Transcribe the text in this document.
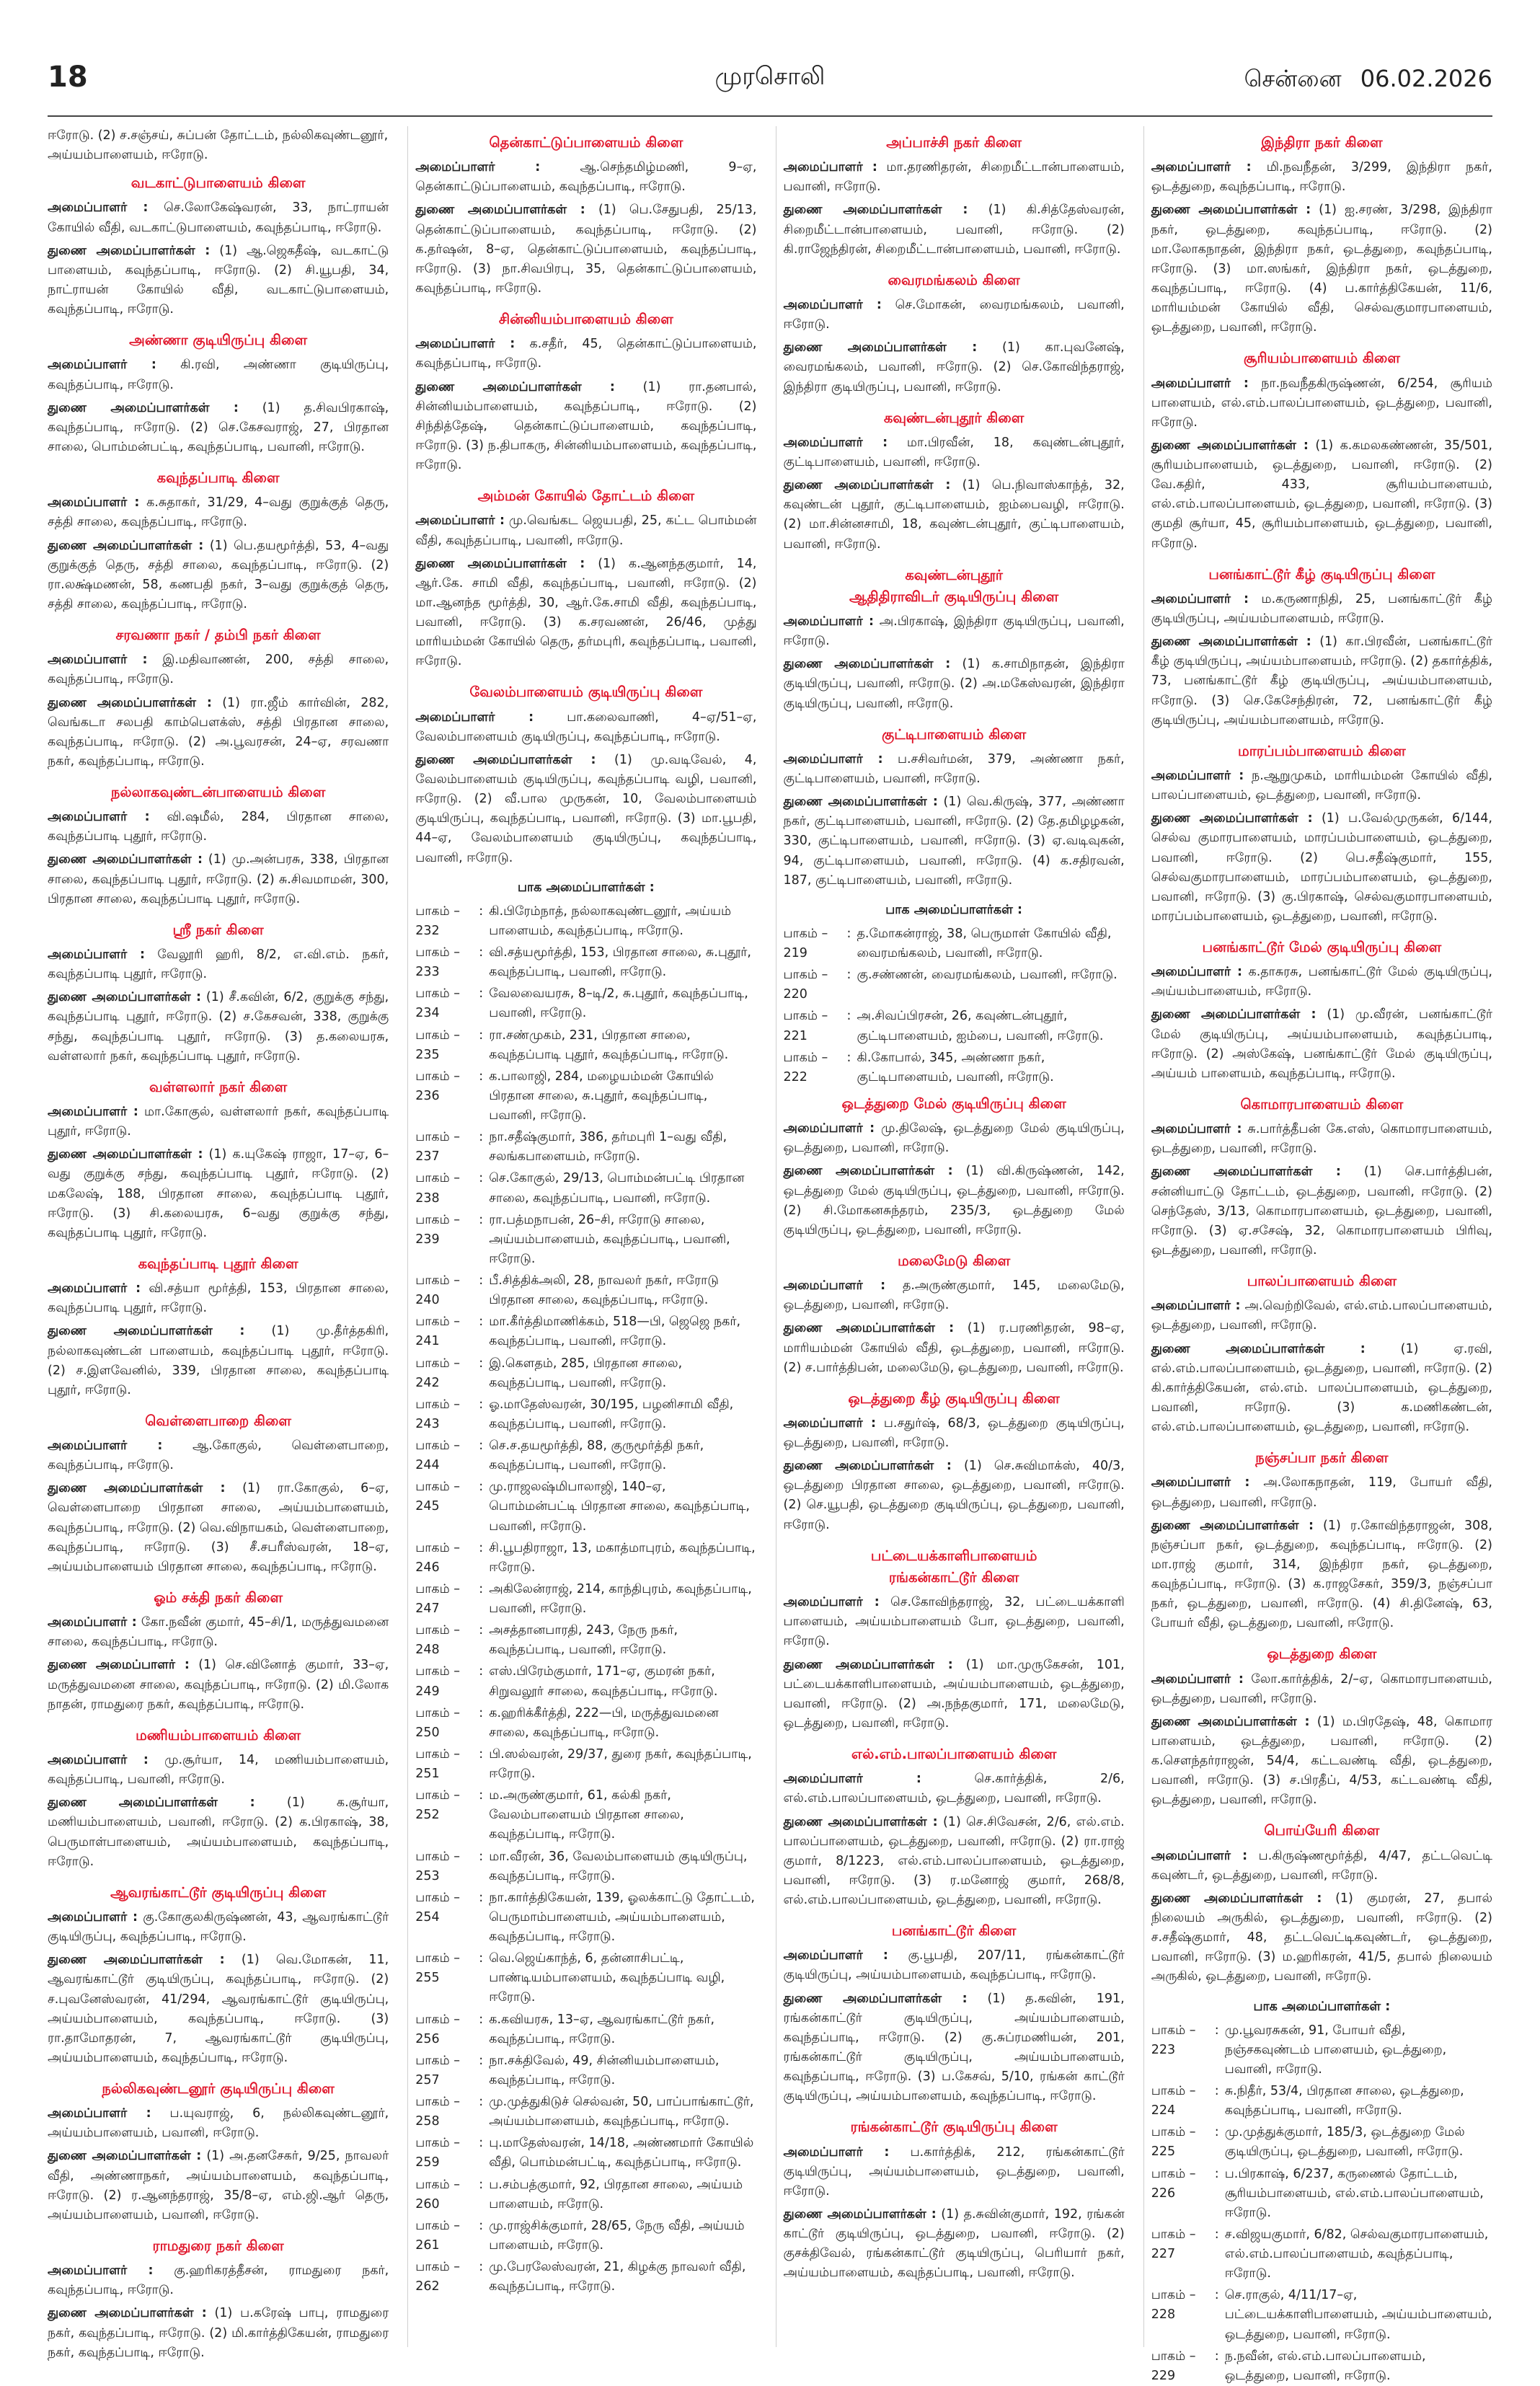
18	முரசொலி	சென்னை 06.02.2026

ஈரோடு. (2) ச.சஞ்சய், சுப்பன் தோட்டம், நல்லிகவுண்டனூர், அய்யம்பாளையம், ஈரோடு.

வடகாட்டுபாளையம் கிளை

அமைப்பாளர் : செ.லோகேஷ்வரன், 33, நாட்ராயன் கோயில் வீதி, வடகாட்டுபாளையம், கவுந்தப்பாடி, ஈரோடு.

துணை அமைப்பாளர்கள் : (1) ஆ.ஜெகதீஷ், வடகாட்டு பாளையம், கவுந்தப்பாடி, ஈரோடு. (2) சி.யூபதி, 34, நாட்ராயன் கோயில் வீதி, வடகாட்டுபாளையம், கவுந்தப்பாடி, ஈரோடு.

அண்ணா குடியிருப்பு கிளை

அமைப்பாளர் : கி.ரவி, அண்ணா குடியிருப்பு, கவுந்தப்பாடி, ஈரோடு.

துணை அமைப்பாளர்கள் : (1) த.சிவபிரகாஷ், கவுந்தப்பாடி, ஈரோடு. (2) செ.கேசவராஜ், 27, பிரதான சாலை, பொம்மன்பட்டி, கவுந்தப்பாடி, பவானி, ஈரோடு.

கவுந்தப்பாடி கிளை

அமைப்பாளர் : க.சுதாகர், 31/29, 4–வது குறுக்குத் தெரு, சத்தி சாலை, கவுந்தப்பாடி, ஈரோடு.

துணை அமைப்பாளர்கள் : (1) பெ.தயமூர்த்தி, 53, 4–வது குறுக்குத் தெரு, சத்தி சாலை, கவுந்தப்பாடி, ஈரோடு. (2) ரா.லக்ஷ்மணன், 58, கணபதி நகர், 3–வது குறுக்குத் தெரு, சத்தி சாலை, கவுந்தப்பாடி, ஈரோடு.

சரவணா நகர் / தம்பி நகர் கிளை

அமைப்பாளர் : இ.மதிவாணன், 200, சத்தி சாலை, கவுந்தப்பாடி, ஈரோடு.

துணை அமைப்பாளர்கள் : (1) ரா.ஜீம் கார்வின், 282, வெங்கடா சலபதி காம்பெளக்ஸ், சத்தி பிரதான சாலை, கவுந்தப்பாடி, ஈரோடு. (2) அ.பூவரசன், 24–ஏ, சரவணா நகர், கவுந்தப்பாடி, ஈரோடு.

நல்லாகவுண்டன்பாளையம் கிளை

அமைப்பாளர் : வி.ஷமீல், 284, பிரதான சாலை, கவுந்தப்பாடி புதூர், ஈரோடு.

துணை அமைப்பாளர்கள் : (1) மு.அன்பரசு, 338, பிரதான சாலை, கவுந்தப்பாடி புதூர், ஈரோடு. (2) சு.சிவமாமன், 300, பிரதான சாலை, கவுந்தப்பாடி புதூர், ஈரோடு.

ஸ்ரீ நகர் கிளை

அமைப்பாளர் : வேலூரி ஹரி, 8/2, எ.வி.எம். நகர், கவுந்தப்பாடி புதூர், ஈரோடு.

துணை அமைப்பாளர்கள் : (1) சீ.கவின், 6/2, குறுக்கு சந்து, கவுந்தப்பாடி புதூர், ஈரோடு. (2) ச.கேசவன், 338, குறுக்கு சந்து, கவுந்தப்பாடி புதூர், ஈரோடு. (3) த.கலையரசு, வள்ளலார் நகர், கவுந்தப்பாடி புதூர், ஈரோடு.

வள்ளலார் நகர் கிளை

அமைப்பாளர் : மா.கோகுல், வள்ளலார் நகர், கவுந்தப்பாடி புதூர், ஈரோடு.

துணை அமைப்பாளர்கள் : (1) க.யுகேஷ் ராஜா, 17–ஏ, 6–வது குறுக்கு சந்து, கவுந்தப்பாடி புதூர், ஈரோடு. (2) மகலேஷ், 188, பிரதான சாலை, கவுந்தப்பாடி புதூர், ஈரோடு. (3) சி.கலையரசு, 6–வது குறுக்கு சந்து, கவுந்தப்பாடி புதூர், ஈரோடு.

கவுந்தப்பாடி புதூர் கிளை

அமைப்பாளர் : வி.சத்யா மூர்த்தி, 153, பிரதான சாலை, கவுந்தப்பாடி புதூர், ஈரோடு.

துணை அமைப்பாளர்கள் : (1) மு.தீர்த்தகிரி, நல்லாகவுண்டன் பாளையம், கவுந்தப்பாடி புதூர், ஈரோடு. (2) ச.இளவேனில், 339, பிரதான சாலை, கவுந்தப்பாடி புதூர், ஈரோடு.

வெள்ளைபாறை கிளை

அமைப்பாளர் : ஆ.கோகுல், வெள்ளைபாறை, கவுந்தப்பாடி, ஈரோடு.

துணை அமைப்பாளர்கள் : (1) ரா.கோகுல், 6–ஏ, வெள்ளைபாறை பிரதான சாலை, அய்யம்பாளையம், கவுந்தப்பாடி, ஈரோடு. (2) வெ.விநாயகம், வெள்ளைபாறை, கவுந்தப்பாடி, ஈரோடு. (3) சீ.சபரீஸ்வரன், 18–ஏ, அய்யம்பாளையம் பிரதான சாலை, கவுந்தப்பாடி, ஈரோடு.

ஓம் சக்தி நகர் கிளை

அமைப்பாளர் : கோ.நவீன் குமார், 45–சி/1, மருத்துவமனை சாலை, கவுந்தப்பாடி, ஈரோடு.

துணை அமைப்பாளர் : (1) செ.வினோத் குமார், 33–ஏ, மருத்துவமனை சாலை, கவுந்தப்பாடி, ஈரோடு. (2) மி.லோக நாதன், ராமதுரை நகர், கவுந்தப்பாடி, ஈரோடு.

மணியம்பாளையம் கிளை

அமைப்பாளர் : மு.சூர்யா, 14, மணியம்பாளையம், கவுந்தப்பாடி, பவானி, ஈரோடு.

துணை அமைப்பாளர்கள் :	(1) க.சூர்யா, மணியம்பாளையம், பவானி, ஈரோடு. (2) க.பிரகாஷ், 38, பெருமாள்பாளையம், அய்யம்பாளையம், கவுந்தப்பாடி, ஈரோடு.

ஆவரங்காட்டூர் குடியிருப்பு கிளை

அமைப்பாளர் : கு.கோகுலகிருஷ்ணன், 43, ஆவரங்காட்டூர் குடியிருப்பு, கவுந்தப்பாடி, ஈரோடு.

துணை அமைப்பாளர்கள் : (1) வெ.மோகன், 11, ஆவரங்காட்டூர் குடியிருப்பு, கவுந்தப்பாடி, ஈரோடு. (2) ச.புவனேஸ்வரன், 41/294, ஆவரங்காட்டூர் குடியிருப்பு, அய்யம்பாளையம், கவுந்தப்பாடி, ஈரோடு. (3) ரா.தாமோதரன், 7, ஆவரங்காட்டூர் குடியிருப்பு, அய்யம்பாளையம், கவுந்தப்பாடி, ஈரோடு.

நல்லிகவுண்டனூர் குடியிருப்பு கிளை

அமைப்பாளர் : ப.யுவராஜ், 6, நல்லிகவுண்டனூர், அய்யம்பாளையம், பவானி, ஈரோடு.

துணை அமைப்பாளர்கள் : (1) அ.தனசேகர், 9/25, நாவலர் வீதி, அண்ணாநகர், அய்யம்பாளையம், கவுந்தப்பாடி, ஈரோடு. (2) ர.ஆனந்தராஜ், 35/8–ஏ, எம்.ஜி.ஆர் தெரு, அய்யம்பாளையம், பவானி, ஈரோடு.

ராமதுரை நகர் கிளை

அமைப்பாளர் : கு.ஹரிகரத்தீசன், ராமதுரை நகர், கவுந்தப்பாடி, ஈரோடு.

துணை அமைப்பாளர்கள் : (1) ப.கரேஷ் பாபு, ராமதுரை நகர், கவுந்தப்பாடி, ஈரோடு. (2) மி.கார்த்திகேயன், ராமதுரை நகர், கவுந்தப்பாடி, ஈரோடு.

தென்காட்டுப்பாளையம் கிளை

அமைப்பாளர் :	ஆ.செந்தமிழ்மணி, 9–ஏ, தென்காட்டுப்பாளையம், கவுந்தப்பாடி, ஈரோடு.

துணை அமைப்பாளர்கள் : (1) பெ.சேதுபதி, 25/13, தென்காட்டுப்பாளையம், கவுந்தப்பாடி, ஈரோடு. (2) க.தர்ஷன், 8–ஏ, தென்காட்டுப்பாளையம், கவுந்தப்பாடி, ஈரோடு. (3) நா.சிவபிரபு, 35, தென்காட்டுப்பாளையம், கவுந்தப்பாடி, ஈரோடு.

சின்னியம்பாளையம் கிளை

அமைப்பாளர் : க.சதீர், 45, தென்காட்டுப்பாளையம், கவுந்தப்பாடி, ஈரோடு.

துணை அமைப்பாளர்கள் : (1) ரா.தனபால், சின்னியம்பாளையம், கவுந்தப்பாடி, ஈரோடு. (2) சிந்தித்தேஷ், தென்காட்டுப்பாளையம், கவுந்தப்பாடி, ஈரோடு. (3) ந.திபாகரு, சின்னியம்பாளையம், கவுந்தப்பாடி, ஈரோடு.

அம்மன் கோயில் தோட்டம் கிளை

அமைப்பாளர் : மு.வெங்கட ஜெயபதி, 25, கட்ட பொம்மன் வீதி, கவுந்தப்பாடி, பவானி, ஈரோடு.

துணை அமைப்பாளர்கள் : (1) க.ஆனந்தகுமார், 14, ஆர்.கே. சாமி வீதி, கவுந்தப்பாடி, பவானி, ஈரோடு. (2) மா.ஆனந்த மூர்த்தி, 30, ஆர்.கே.சாமி வீதி, கவுந்தப்பாடி, பவானி, ஈரோடு. (3) க.சரவணன், 26/46, முத்து மாரியம்மன் கோயில் தெரு, தர்மபுரி, கவுந்தப்பாடி, பவானி, ஈரோடு.

வேலம்பாளையம் குடியிருப்பு கிளை

அமைப்பாளர் :	பா.கலைவாணி, 4–ஏ/51–ஏ, வேலம்பாளையம் குடியிருப்பு, கவுந்தப்பாடி, ஈரோடு.

துணை அமைப்பாளர்கள் : (1) மு.வடிவேல், 4, வேலம்பாளையம் குடியிருப்பு, கவுந்தப்பாடி வழி, பவானி, ஈரோடு. (2) வீ.பால முருகன், 10, வேலம்பாளையம் குடியிருப்பு, கவுந்தப்பாடி, பவானி, ஈரோடு. (3) மா.பூபதி, 44–ஏ, வேலம்பாளையம் குடியிருப்பு, கவுந்தப்பாடி, பவானி, ஈரோடு.

பாக அமைப்பாளர்கள் :
பாகம் – 232
: கி.பிரேம்நாத், நல்லாகவுண்டனூர், அய்யம் பாளையம், கவுந்தப்பாடி, ஈரோடு.
பாகம் – 233
: வி.சத்யமூர்த்தி, 153, பிரதான சாலை, சு.புதூர், கவுந்தப்பாடி, பவானி, ஈரோடு.
பாகம் – 234
: வேலவையரசு, 8–டி/2, சு.புதூர், கவுந்தப்பாடி, பவானி, ஈரோடு.
பாகம் – 235
: ரா.சண்முகம், 231, பிரதான சாலை, கவுந்தப்பாடி புதூர், கவுந்தப்பாடி, ஈரோடு.
பாகம் – 236
: க.பாலாஜி, 284, மழையம்மன் கோயில் பிரதான சாலை, சு.புதூர், கவுந்தப்பாடி, பவானி, ஈரோடு.
பாகம் – 237
: நா.சதீஷ்குமார், 386, தர்மபுரி 1–வது வீதி, சலங்கபாளையம், ஈரோடு.
பாகம் – 238
: செ.கோகுல், 29/13, பொம்மன்பட்டி பிரதான சாலை, கவுந்தப்பாடி, பவானி, ஈரோடு.
பாகம் – 239
: ரா.பத்மநாபன், 26–சி, ஈரோடு சாலை, அய்யம்பாளையம், கவுந்தப்பாடி, பவானி, ஈரோடு.
பாகம் – 240
: பீ.சித்திக்அலி, 28, நாவலர் நகர், ஈரோடு பிரதான சாலை, கவுந்தப்பாடி, ஈரோடு.
பாகம் – 241
: மா.கீர்த்திமாணிக்கம், 518—பி, ஜெஜெ நகர், கவுந்தப்பாடி, பவானி, ஈரோடு.
பாகம் – 242
: இ.கௌதம், 285, பிரதான சாலை, கவுந்தப்பாடி, பவானி, ஈரோடு.
பாகம் – 243
: ஓ.மாதேஸ்வரன், 30/195, பழனிசாமி வீதி, கவுந்தப்பாடி, பவானி, ஈரோடு.
பாகம் – 244
: செ.ச.தயமூர்த்தி, 88, குருமூர்த்தி நகர், கவுந்தப்பாடி, பவானி, ஈரோடு.
பாகம் – 245
: மு.ராஜலஷ்மிபாலாஜி, 140–ஏ, பொம்மன்பட்டி பிரதான சாலை, கவுந்தப்பாடி, பவானி, ஈரோடு.
பாகம் – 246
: சி.பூபதிராஜா, 13, மகாத்மாபுரம், கவுந்தப்பாடி, ஈரோடு.
பாகம் – 247
: அகிலேன்ராஜ், 214, காந்திபுரம், கவுந்தப்பாடி, பவானி, ஈரோடு.
பாகம் – 248
: அசத்தானபாரதி, 243, நேரு நகர், கவுந்தப்பாடி, பவானி, ஈரோடு.
பாகம் – 249
: எஸ்.பிரேம்குமார், 171–ஏ, குமரன் நகர், சிறுவலூர் சாலை, கவுந்தப்பாடி, ஈரோடு.
பாகம் – 250
: க.ஹரிக்கீர்த்தி, 222—பி, மருத்துவமனை சாலை, கவுந்தப்பாடி, ஈரோடு.
பாகம் – 251
: பி.ஸல்வரன், 29/37, துரை நகர், கவுந்தப்பாடி, ஈரோடு.
பாகம் – 252
: ம.அருண்குமார், 61, கல்கி நகர், வேலம்பாளையம் பிரதான சாலை, கவுந்தப்பாடி, ஈரோடு.
பாகம் – 253
: மா.வீரன், 36, வேலம்பாளையம் குடியிருப்பு, கவுந்தப்பாடி, ஈரோடு.
பாகம் – 254
: நா.கார்த்திகேயன், 139, ஓலக்காட்டு தோட்டம், பெருமாம்பாளையம், அய்யம்பாளையம், கவுந்தப்பாடி, ஈரோடு.
பாகம் – 255
: வெ.ஜெய்காந்த், 6, தன்னாசிபட்டி, பாண்டியம்பாளையம், கவுந்தப்பாடி வழி, ஈரோடு.
பாகம் – 256
: க.கவியரசு, 13–ஏ, ஆவரங்காட்டூர் நகர், கவுந்தப்பாடி, ஈரோடு.
பாகம் – 257
: நா.சக்திவேல், 49, சின்னியம்பாளையம், கவுந்தப்பாடி, ஈரோடு.
பாகம் – 258
: மு.முத்துகிடுச் செல்வன், 50, பாப்பாங்காட்டூர், அய்யம்பாளையம், கவுந்தப்பாடி, ஈரோடு.
பாகம் – 259
: பு.மாதேஸ்வரன், 14/18, அண்ணமார் கோயில் வீதி, பொம்மன்பட்டி, கவுந்தப்பாடி, ஈரோடு.
பாகம் – 260
: ப.சம்பத்குமார், 92, பிரதான சாலை, அய்யம் பாளையம், ஈரோடு.
பாகம் – 261
: மு.ராஜ்சிக்குமார், 28/65, நேரு வீதி, அய்யம் பாளையம், ஈரோடு.
பாகம் – 262
: மு.பேரலேஸ்வரன், 21, கிழக்கு நாவலர் வீதி, கவுந்தப்பாடி, ஈரோடு.
அப்பாச்சி நகர் கிளை

அமைப்பாளர் : மா.தரணிதரன், சிறைமீட்டான்பாளையம், பவானி, ஈரோடு.

துணை அமைப்பாளர்கள் : (1) கி.சித்தேஸ்வரன், சிறைமீட்டான்பாளையம், பவானி, ஈரோடு. (2) கி.ராஜேந்திரன், சிறைமீட்டான்பாளையம், பவானி, ஈரோடு.

வைரமங்கலம் கிளை

அமைப்பாளர் : செ.மோகன், வைரமங்கலம், பவானி, ஈரோடு.

துணை அமைப்பாளர்கள் : (1) கா.புவனேஷ், வைரமங்கலம், பவானி, ஈரோடு. (2) செ.கோவிந்தராஜ், இந்திரா குடியிருப்பு, பவானி, ஈரோடு.

கவுண்டன்புதூர் கிளை

அமைப்பாளர் : மா.பிரவீன், 18, கவுண்டன்புதூர், குட்டிபாளையம், பவானி, ஈரோடு.

துணை அமைப்பாளர்கள் : (1) பெ.நிவாஸ்காந்த், 32, கவுண்டன் புதூர், குட்டிபாளையம், ஐம்பைவழி, ஈரோடு. (2) மா.சின்னசாமி, 18, கவுண்டன்புதூர், குட்டிபாளையம், பவானி, ஈரோடு.

கவுண்டன்புதூர்
ஆதிதிராவிடர் குடியிருப்பு கிளை

அமைப்பாளர் : அ.பிரகாஷ், இந்திரா குடியிருப்பு, பவானி, ஈரோடு.

துணை அமைப்பாளர்கள் : (1) க.சாமிநாதன், இந்திரா குடியிருப்பு, பவானி, ஈரோடு. (2) அ.மகேஸ்வரன், இந்திரா குடியிருப்பு, பவானி, ஈரோடு.

குட்டிபாளையம் கிளை

அமைப்பாளர் : ப.சசிவர்மன், 379, அண்ணா நகர், குட்டிபாளையம், பவானி, ஈரோடு.

துணை அமைப்பாளர்கள் : (1) வெ.கிருஷ், 377, அண்ணா நகர், குட்டிபாளையம், பவானி, ஈரோடு. (2) தே.தமிழழகன், 330, குட்டிபாளையம், பவானி, ஈரோடு. (3) ஏ.வடிவுகன், 94, குட்டிபாளையம், பவானி, ஈரோடு. (4) க.சதிரவன், 187, குட்டிபாளையம், பவானி, ஈரோடு.

பாக அமைப்பாளர்கள் :
பாகம் – 219
: த.மோகன்ராஜ், 38, பெருமாள் கோயில் வீதி, வைரமங்கலம், பவானி, ஈரோடு.
பாகம் – 220
: கு.சண்ணன், வைரமங்கலம், பவானி, ஈரோடு.
பாகம் – 221
: அ.சிவப்பிரசன், 26, கவுண்டன்புதூர், குட்டிபாளையம், ஐம்பை, பவானி, ஈரோடு.
பாகம் – 222
: கி.கோபால், 345, அண்ணா நகர், குட்டிபாளையம், பவானி, ஈரோடு.
ஒடத்துறை மேல் குடியிருப்பு கிளை

அமைப்பாளர் : மு.திலேஷ், ஒடத்துறை மேல் குடியிருப்பு, ஒடத்துறை, பவானி, ஈரோடு.

துணை அமைப்பாளர்கள் : (1) வி.கிருஷ்ணன், 142, ஒடத்துறை மேல் குடியிருப்பு, ஒடத்துறை, பவானி, ஈரோடு. (2) சி.மோகனசுந்தரம், 235/3, ஒடத்துறை மேல் குடியிருப்பு, ஒடத்துறை, பவானி, ஈரோடு.

மலைமேடு கிளை

அமைப்பாளர் : த.அருண்குமார், 145, மலைமேடு, ஒடத்துறை, பவானி, ஈரோடு.

துணை அமைப்பாளர்கள் : (1) ர.பரணிதரன், 98–ஏ, மாரியம்மன் கோயில் வீதி, ஒடத்துறை, பவானி, ஈரோடு. (2) ச.பார்த்திபன், மலைமேடு, ஒடத்துறை, பவானி, ஈரோடு.

ஒடத்துறை கீழ் குடியிருப்பு கிளை

அமைப்பாளர் : ப.சதுர்ஷ், 68/3, ஒடத்துறை குடியிருப்பு, ஒடத்துறை, பவானி, ஈரோடு.

துணை அமைப்பாளர்கள் : (1) செ.சுவிமாக்ஸ், 40/3, ஒடத்துறை பிரதான சாலை, ஒடத்துறை, பவானி, ஈரோடு. (2) செ.யூபதி, ஒடத்துறை குடியிருப்பு, ஒடத்துறை, பவானி, ஈரோடு.

பட்டையக்காளிபாளையம்
ரங்கன்காட்டூர் கிளை

அமைப்பாளர் : செ.கோவிந்தராஜ், 32, பட்டையக்காளி பாளையம், அய்யம்பாளையம் போ, ஒடத்துறை, பவானி, ஈரோடு.

துணை அமைப்பாளர்கள் : (1) மா.முருகேசன், 101, பட்டையக்காளிபாளையம், அய்யம்பாளையம், ஒடத்துறை, பவானி, ஈரோடு. (2) அ.நந்தகுமார், 171, மலைமேடு, ஒடத்துறை, பவானி, ஈரோடு.

எல்.எம்.பாலப்பாளையம் கிளை

அமைப்பாளர் :	செ.கார்த்திக், 2/6, எல்.எம்.பாலப்பாளையம், ஒடத்துறை, பவானி, ஈரோடு.

துணை அமைப்பாளர்கள் : (1) செ.சிவேசன், 2/6, எல்.எம். பாலப்பாளையம், ஒடத்துறை, பவானி, ஈரோடு. (2) ரா.ராஜ் குமார், 8/1223, எல்.எம்.பாலப்பாளையம், ஒடத்துறை, பவானி, ஈரோடு. (3) ர.மனோஜ் குமார், 268/8, எல்.எம்.பாலப்பாளையம், ஒடத்துறை, பவானி, ஈரோடு.

பனங்காட்டூர் கிளை

அமைப்பாளர் : கு.பூபதி, 207/11, ரங்கன்காட்டூர் குடியிருப்பு, அய்யம்பாளையம், கவுந்தப்பாடி, ஈரோடு.

துணை அமைப்பாளர்கள் : (1) த.கவின், 191, ரங்கன்காட்டூர் குடியிருப்பு, அய்யம்பாளையம், கவுந்தப்பாடி, ஈரோடு. (2) கு.சுப்ரமணியன், 201, ரங்கன்காட்டூர் குடியிருப்பு, அய்யம்பாளையம், கவுந்தப்பாடி, ஈரோடு. (3) ப.கேசவ், 5/10, ரங்கன் காட்டூர் குடியிருப்பு, அய்யம்பாளையம், கவுந்தப்பாடி, ஈரோடு.

ரங்கன்காட்டூர் குடியிருப்பு கிளை

அமைப்பாளர் : ப.கார்த்திக், 212, ரங்கன்காட்டூர் குடியிருப்பு, அய்யம்பாளையம், ஒடத்துறை, பவானி, ஈரோடு.

துணை அமைப்பாளர்கள் : (1) த.சுவின்குமார், 192, ரங்கன் காட்டூர் குடியிருப்பு, ஒடத்துறை, பவானி, ஈரோடு. (2) குசக்திவேல், ரங்கன்காட்டூர் குடியிருப்பு, பெரியார் நகர், அய்யம்பாளையம், கவுந்தப்பாடி, பவானி, ஈரோடு.

இந்திரா நகர் கிளை

அமைப்பாளர் : மி.நவநீதன், 3/299, இந்திரா நகர், ஒடத்துறை, கவுந்தப்பாடி, ஈரோடு.

துணை அமைப்பாளர்கள் : (1) ஐ.சரண், 3/298, இந்திரா நகர், ஒடத்துறை, கவுந்தப்பாடி, ஈரோடு. (2) மா.லோகநாதன், இந்திரா நகர், ஒடத்துறை, கவுந்தப்பாடி, ஈரோடு. (3) மா.ஸங்கர், இந்திரா நகர், ஒடத்துறை, கவுந்தப்பாடி, ஈரோடு. (4) ப.கார்த்திகேயன், 11/6, மாரியம்மன் கோயில் வீதி, செல்வகுமாரபாளையம், ஒடத்துறை, பவானி, ஈரோடு.

சூரியம்பாளையம் கிளை

அமைப்பாளர் : நா.நவநீதகிருஷ்ணன், 6/254, சூரியம் பாளையம், எல்.எம்.பாலப்பாளையம், ஒடத்துறை, பவானி, ஈரோடு.

துணை அமைப்பாளர்கள் : (1) க.கமலகண்ணன், 35/501, சூரியம்பாளையம், ஒடத்துறை, பவானி, ஈரோடு. (2) வே.கதிர், 433, சூரியம்பாளையம், எல்.எம்.பாலப்பாளையம், ஒடத்துறை, பவானி, ஈரோடு. (3) குமதி சூர்யா, 45, சூரியம்பாளையம், ஒடத்துறை, பவானி, ஈரோடு.

பனங்காட்டூர் கீழ் குடியிருப்பு கிளை

அமைப்பாளர் : ம.கருணாநிதி, 25, பனங்காட்டூர் கீழ் குடியிருப்பு, அய்யம்பாளையம், ஈரோடு.

துணை அமைப்பாளர்கள் : (1) கா.பிரவீன், பனங்காட்டூர் கீழ் குடியிருப்பு, அய்யம்பாளையம், ஈரோடு. (2) தகார்த்திக், 73, பனங்காட்டூர் கீழ் குடியிருப்பு, அய்யம்பாளையம், ஈரோடு. (3) செ.கேசேந்திரன், 72, பனங்காட்டூர் கீழ் குடியிருப்பு, அய்யம்பாளையம், ஈரோடு.

மாரப்பம்பாளையம் கிளை

அமைப்பாளர் : ந.ஆறுமுகம், மாரியம்மன் கோயில் வீதி, பாலப்பாளையம், ஒடத்துறை, பவானி, ஈரோடு.

துணை அமைப்பாளர்கள் : (1) ப.வேல்முருகன், 6/144, செல்வ குமாரபாளையம், மாரப்பம்பாளையம், ஒடத்துறை, பவானி, ஈரோடு. (2) பெ.சதீஷ்குமார், 155, செல்வகுமாரபாளையம், மாரப்பம்பாளையம், ஒடத்துறை, பவானி, ஈரோடு. (3) கு.பிரகாஷ், செல்வகுமாரபாளையம், மாரப்பம்பாளையம், ஒடத்துறை, பவானி, ஈரோடு.

பனங்காட்டூர் மேல் குடியிருப்பு கிளை

அமைப்பாளர் : க.தாசுரசு, பனங்காட்டூர் மேல் குடியிருப்பு, அய்யம்பாளையம், ஈரோடு.

துணை அமைப்பாளர்கள் : (1) மு.வீரன், பனங்காட்டூர் மேல் குடியிருப்பு, அய்யம்பாளையம், கவுந்தப்பாடி, ஈரோடு. (2) அஸ்கேஷ், பனங்காட்டூர் மேல் குடியிருப்பு, அய்யம் பாளையம், கவுந்தப்பாடி, ஈரோடு.

கொமாரபாளையம் கிளை

அமைப்பாளர் : சு.பார்த்தீபன் கே.எஸ், கொமாரபாளையம், ஒடத்துறை, பவானி, ஈரோடு.

துணை அமைப்பாளர்கள் : (1) செ.பார்த்திபன், சன்னியாட்டு தோட்டம், ஒடத்துறை, பவானி, ஈரோடு. (2) செந்தேஸ், 3/13, கொமாரபாளையம், ஒடத்துறை, பவானி, ஈரோடு. (3) ஏ.சசேஷ், 32, கொமாரபாளையம் பிரிவு, ஒடத்துறை, பவானி, ஈரோடு.

பாலப்பாளையம் கிளை

அமைப்பாளர் : அ.வெற்றிவேல், எல்.எம்.பாலப்பாளையம், ஒடத்துறை, பவானி, ஈரோடு.

துணை அமைப்பாளர்கள் :	(1) ஏ.ரவி, எல்.எம்.பாலப்பாளையம், ஒடத்துறை, பவானி, ஈரோடு. (2) கி.கார்த்திகேயன், எல்.எம். பாலப்பாளையம், ஒடத்துறை, பவானி, ஈரோடு. (3) க.மணிகண்டன், எல்.எம்.பாலப்பாளையம், ஒடத்துறை, பவானி, ஈரோடு.

நஞ்சப்பா நகர் கிளை

அமைப்பாளர் : அ.லோகநாதன், 119, போயர் வீதி, ஒடத்துறை, பவானி, ஈரோடு.

துணை அமைப்பாளர்கள் : (1) ர.கோவிந்தராஜன், 308, நஞ்சப்பா நகர், ஒடத்துறை, கவுந்தப்பாடி, ஈரோடு. (2) மா.ராஜ் குமார், 314, இந்திரா நகர், ஒடத்துறை, கவுந்தப்பாடி, ஈரோடு. (3) க.ராஜசேகர், 359/3, நஞ்சப்பா நகர், ஒடத்துறை, பவானி, ஈரோடு. (4) சி.தினேஷ், 63, போயர் வீதி, ஒடத்துறை, பவானி, ஈரோடு.

ஒடத்துறை கிளை

அமைப்பாளர் : லோ.கார்த்திக், 2/–ஏ, கொமாரபாளையம், ஒடத்துறை, பவானி, ஈரோடு.

துணை அமைப்பாளர்கள் : (1) ம.பிரதேஷ், 48, கொமார பாளையம், ஒடத்துறை, பவானி, ஈரோடு. (2) க.சௌந்தர்ராஜன், 54/4, கட்டவண்டி வீதி, ஒடத்துறை, பவானி, ஈரோடு. (3) ச.பிரதீப், 4/53, கட்டவண்டி வீதி, ஒடத்துறை, பவானி, ஈரோடு.

பொய்யேரி கிளை

அமைப்பாளர் : ப.கிருஷ்ணமூர்த்தி, 4/47, தட்டவெட்டி கவுண்டர், ஒடத்துறை, பவானி, ஈரோடு.

துணை அமைப்பாளர்கள் : (1) குமரன், 27, தபால் நிலையம் அருகில், ஒடத்துறை, பவானி, ஈரோடு. (2) ச.சதீஷ்குமார், 48, தட்டவெட்டிகவுண்டர், ஒடத்துறை, பவானி, ஈரோடு. (3) ம.ஹரிகரன், 41/5, தபால் நிலையம் அருகில், ஒடத்துறை, பவானி, ஈரோடு.

பாக அமைப்பாளர்கள் :
பாகம் – 223
: மு.பூவரசுகன், 91, போயர் வீதி, நஞ்சகவுண்டம் பாளையம், ஒடத்துறை, பவானி, ஈரோடு.
பாகம் – 224
: சு.நிதீர், 53/4, பிரதான சாலை, ஒடத்துறை, கவுந்தப்பாடி, பவானி, ஈரோடு.
பாகம் – 225
: மு.முத்துக்குமார், 185/3, ஒடத்துறை மேல் குடியிருப்பு, ஒடத்துறை, பவானி, ஈரோடு.
பாகம் – 226
: ப.பிரகாஷ், 6/237, கருணைல் தோட்டம், சூரியம்பாளையம், எல்.எம்.பாலப்பாளையம், ஈரோடு.
பாகம் – 227
: ச.விஜயகுமார், 6/82, செல்வகுமாரபாளையம், எல்.எம்.பாலப்பாளையம், கவுந்தப்பாடி, ஈரோடு.
பாகம் – 228
: செ.ராகுல், 4/11/17–ஏ, பட்டையக்காளிபாளையம், அய்யம்பாளையம், ஒடத்துறை, பவானி, ஈரோடு.
பாகம் – 229
: ந.நவீன், எல்.எம்.பாலப்பாளையம், ஒடத்துறை, பவானி, ஈரோடு.
